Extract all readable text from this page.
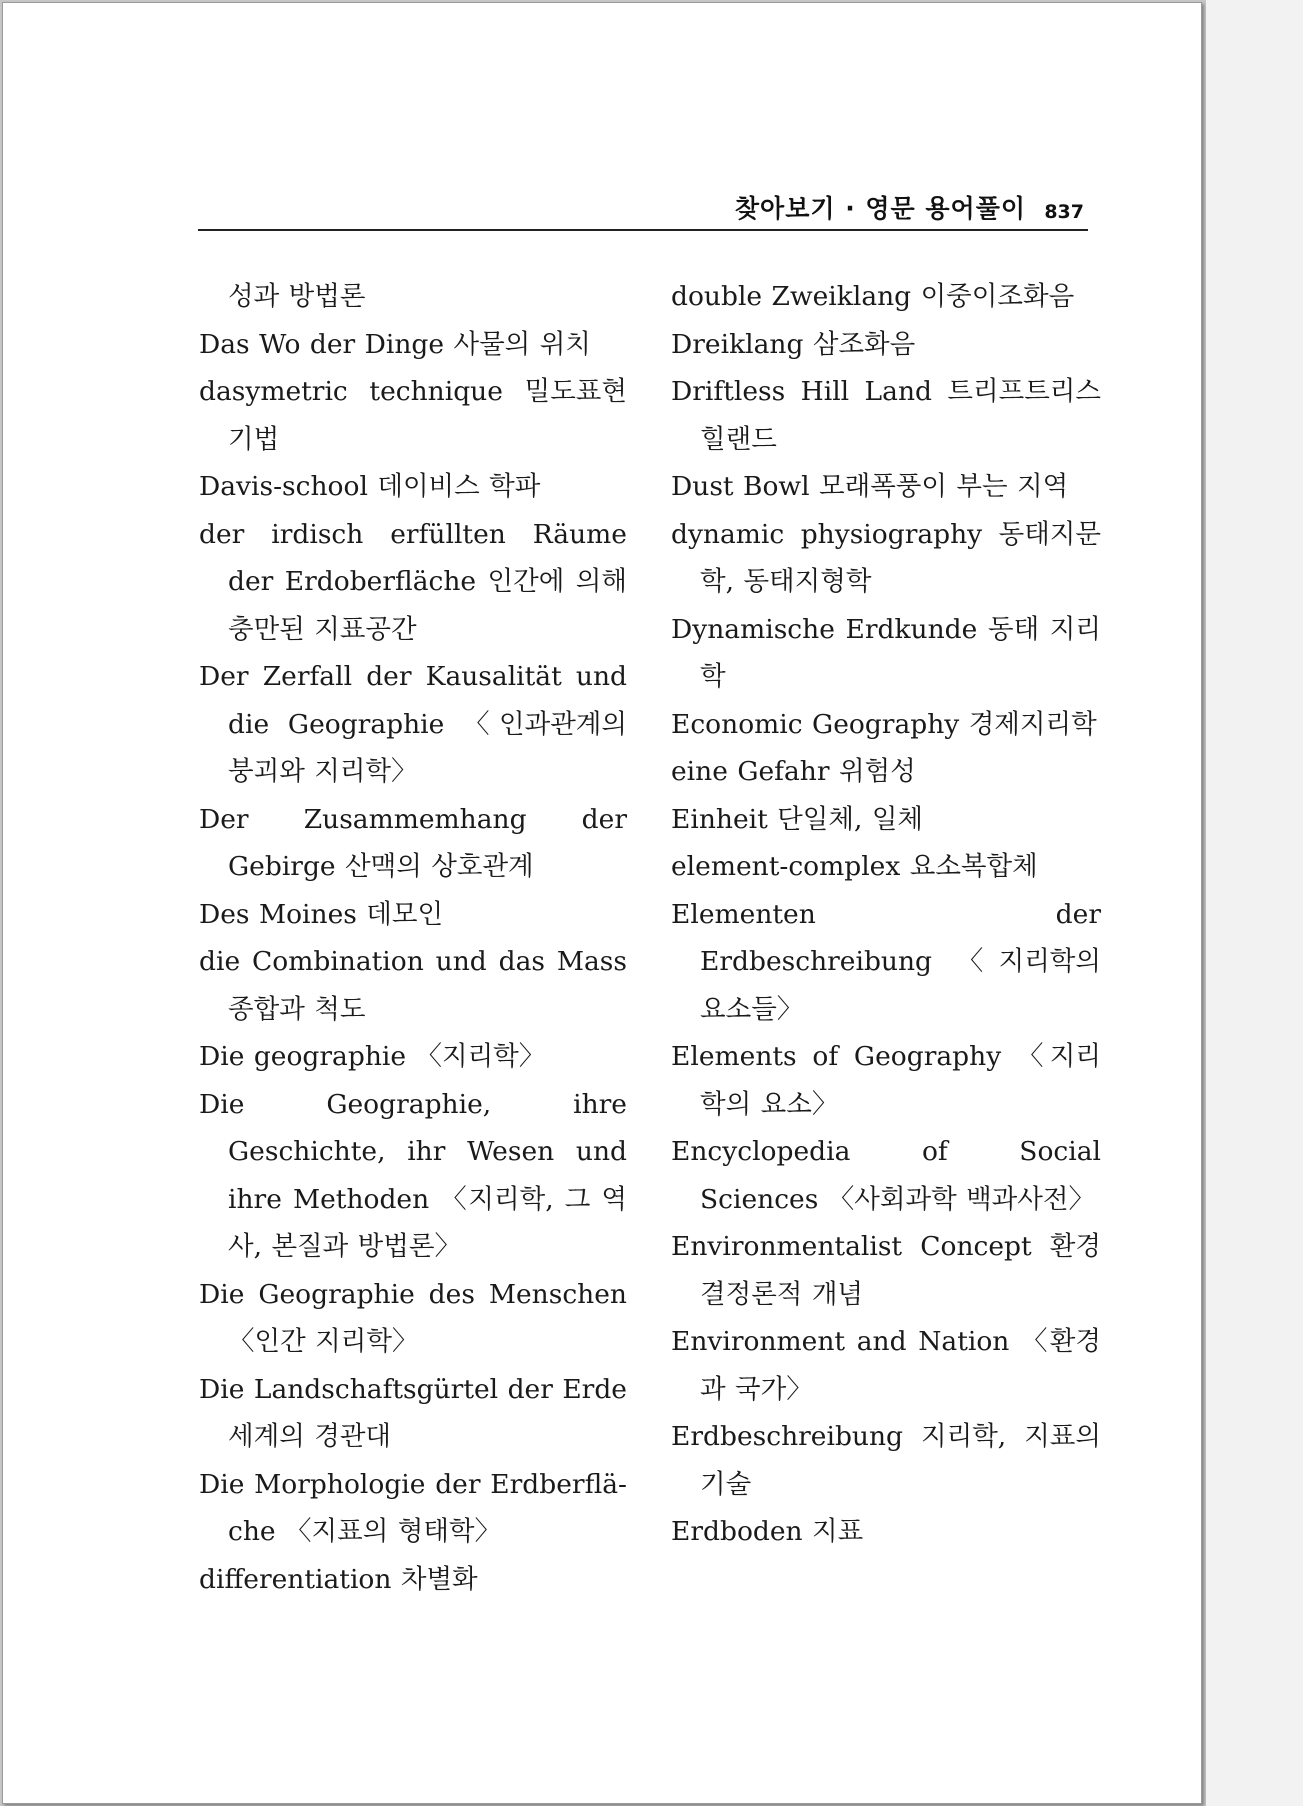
찾아보기 · 영문 용어풀이 837
성과 방법론
Das Wo der Dinge 사물의 위치
dasymetric technique 밀도표현 기법
Davis-school 데이비스 학파
der irdisch erfüllten Räume der Erdoberfläche 인간에 의해 충만된 지표공간
Der Zerfall der Kausalität und die Geographie 〈인과관계의 붕괴와 지리학〉
Der Zusammemhang der Gebirge 산맥의 상호관계
Des Moines 데모인
die Combination und das Mass 종합과 척도
Die geographie 〈지리학〉
Die Geographie, ihre Geschichte, ihr Wesen und ihre Methoden 〈지리학, 그 역사, 본질과 방법론〉
Die Geographie des Menschen 〈인간 지리학〉
Die Landschaftsgürtel der Erde 세계의 경관대
Die Morphologie der Erdberflä-che 〈지표의 형태학〉
differentiation 차별화
double Zweiklang 이중이조화음
Dreiklang 삼조화음
Driftless Hill Land 트리프트리스 힐랜드
Dust Bowl 모래폭풍이 부는 지역
dynamic physiography 동태지문학, 동태지형학
Dynamische Erdkunde 동태 지리학
Economic Geography 경제지리학
eine Gefahr 위험성
Einheit 단일체, 일체
element-complex 요소복합체
Elementen der Erdbeschreibung 〈지리학의 요소들〉
Elements of Geography 〈지리학의 요소〉
Encyclopedia of Social Sciences 〈사회과학 백과사전〉
Environmentalist Concept 환경결정론적 개념
Environment and Nation 〈환경과 국가〉
Erdbeschreibung 지리학, 지표의 기술
Erdboden 지표
